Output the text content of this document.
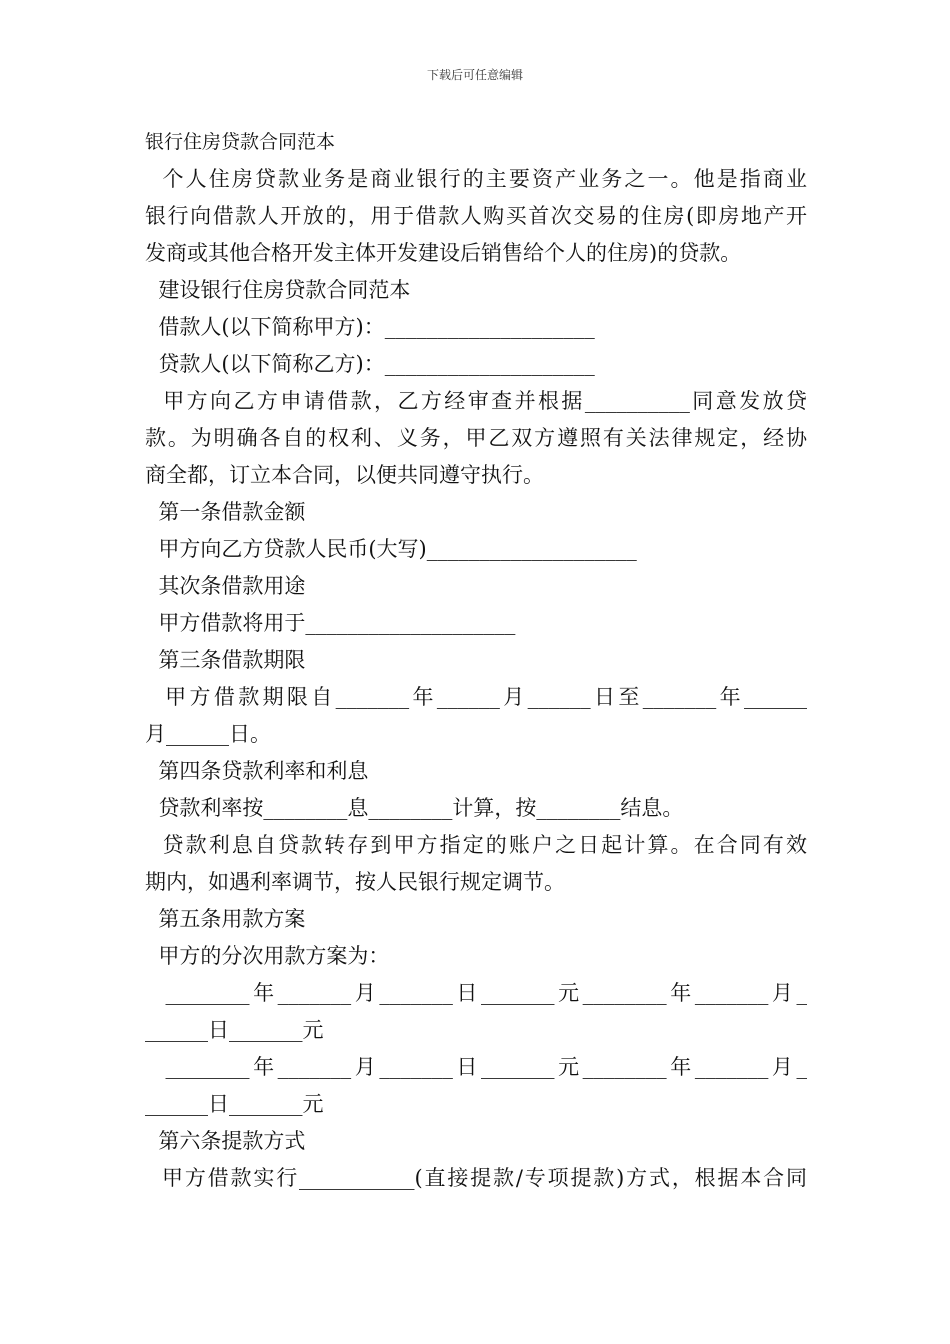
下载后可任意编辑
银行住房贷款合同范本
个人住房贷款业务是商业银行的主要资产业务之一。他是指商业
银行向借款人开放的，用于借款人购买首次交易的住房(即房地产开
发商或其他合格开发主体开发建设后销售给个人的住房)的贷款。
建设银行住房贷款合同范本
借款人(以下简称甲方)：____________________
贷款人(以下简称乙方)：____________________
甲方向乙方申请借款，乙方经审查并根据__________同意发放贷
款。为明确各自的权利、义务，甲乙双方遵照有关法律规定，经协
商全都，订立本合同，以便共同遵守执行。
第一条借款金额
甲方向乙方贷款人民币(大写)____________________
其次条借款用途
甲方借款将用于____________________
第三条借款期限
甲方借款期限自_______年______月______日至_______年______
月______日。
第四条贷款利率和利息
贷款利率按________息________计算，按________结息。
贷款利息自贷款转存到甲方指定的账户之日起计算。在合同有效
期内，如遇利率调节，按人民银行规定调节。
第五条用款方案
甲方的分次用款方案为：
________年_______月_______日_______元________年_______月_
______日_______元
________年_______月_______日_______元________年_______月_
______日_______元
第六条提款方式
甲方借款实行___________(直接提款/专项提款)方式，根据本合同
